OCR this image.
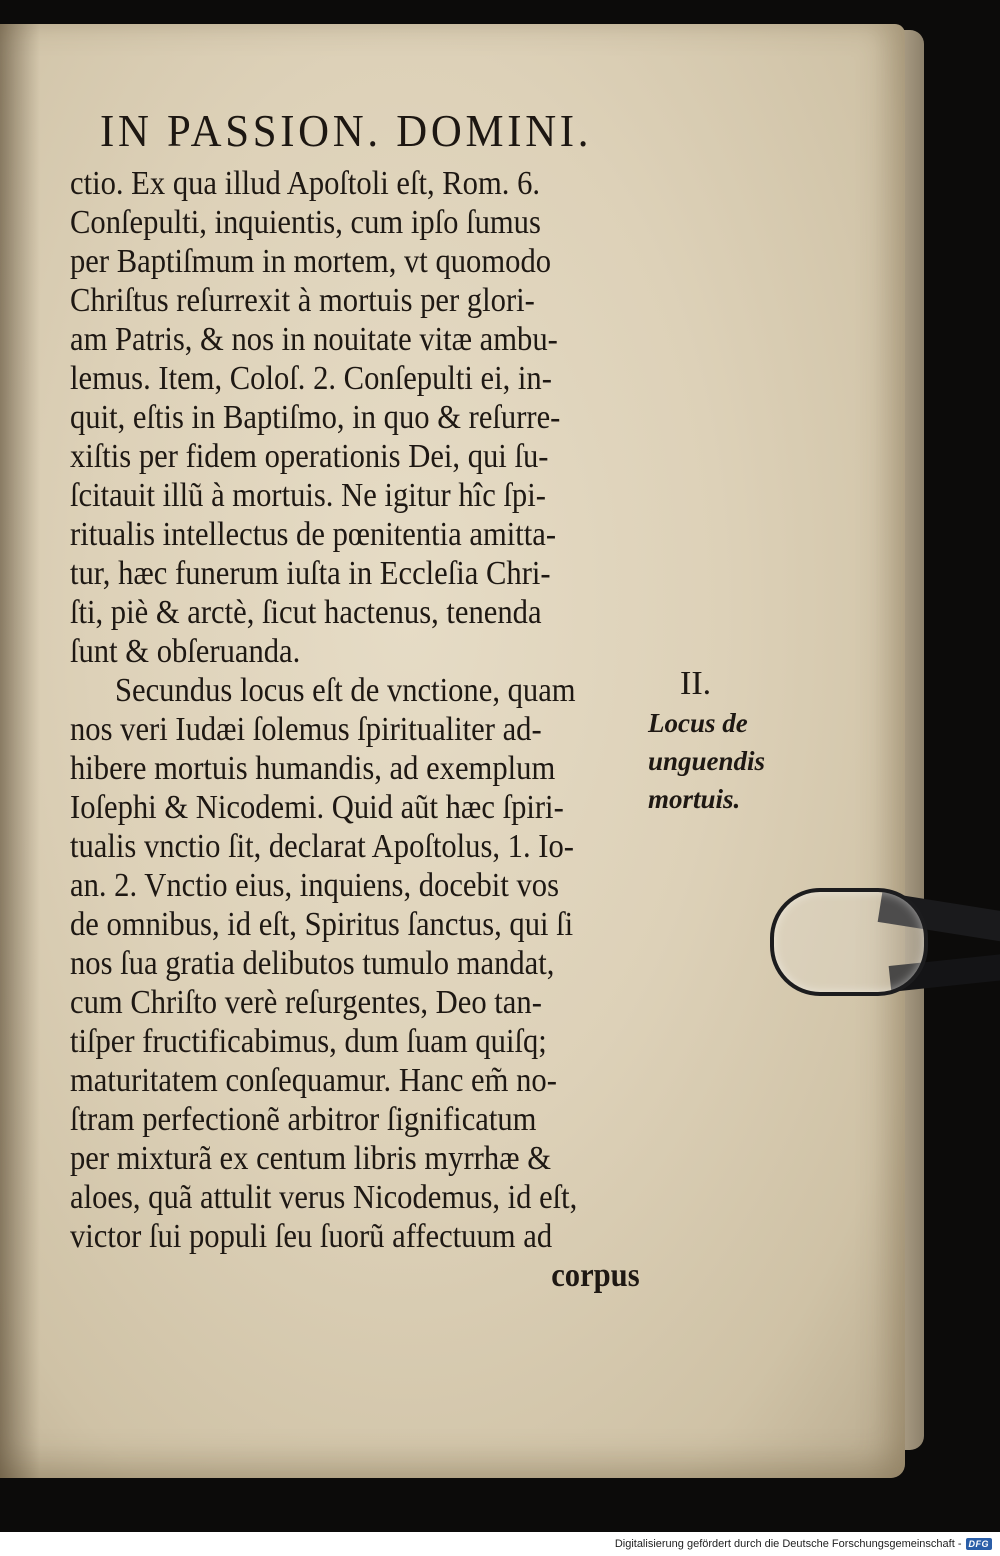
IN PASSION. DOMINI.
ctio. Ex qua illud Apoſtoli eſt, Rom. 6.
Conſepulti, inquientis, cum ipſo ſumus
per Baptiſmum in mortem, vt quomodo
Chriſtus reſurrexit à mortuis per glori-
am Patris, & nos in nouitate vitæ ambu-
lemus. Item, Coloſ. 2. Conſepulti ei, in-
quit, eſtis in Baptiſmo, in quo & reſurre-
xiſtis per fidem operationis Dei, qui ſu-
ſcitauit illũ à mortuis. Ne igitur hîc ſpi-
ritualis intellectus de pœnitentia amitta-
tur, hæc funerum iuſta in Eccleſia Chri-
ſti, piè & arctè, ſicut hactenus, tenenda
ſunt & obſeruanda.
Secundus locus eſt de vnctione, quam
nos veri Iudæi ſolemus ſpiritualiter ad-
hibere mortuis humandis, ad exemplum
Ioſephi & Nicodemi. Quid aũt hæc ſpiri-
tualis vnctio ſit, declarat Apoſtolus, 1. Io-
an. 2. Vnctio eius, inquiens, docebit vos
de omnibus, id eſt, Spiritus ſanctus, qui ſi
nos ſua gratia delibutos tumulo mandat,
cum Chriſto verè reſurgentes, Deo tan-
tiſper fructificabimus, dum ſuam quiſq;
maturitatem conſequamur. Hanc em̃ no-
ſtram perfectionẽ arbitror ſignificatum
per mixturã ex centum libris myrrhæ &
aloes, quã attulit verus Nicodemus, id eſt,
victor ſui populi ſeu ſuorũ affectuum ad
corpus
II.
Locus de
unguendis
mortuis.
Digitalisierung gefördert durch die Deutsche Forschungsgemeinschaft - DFG
